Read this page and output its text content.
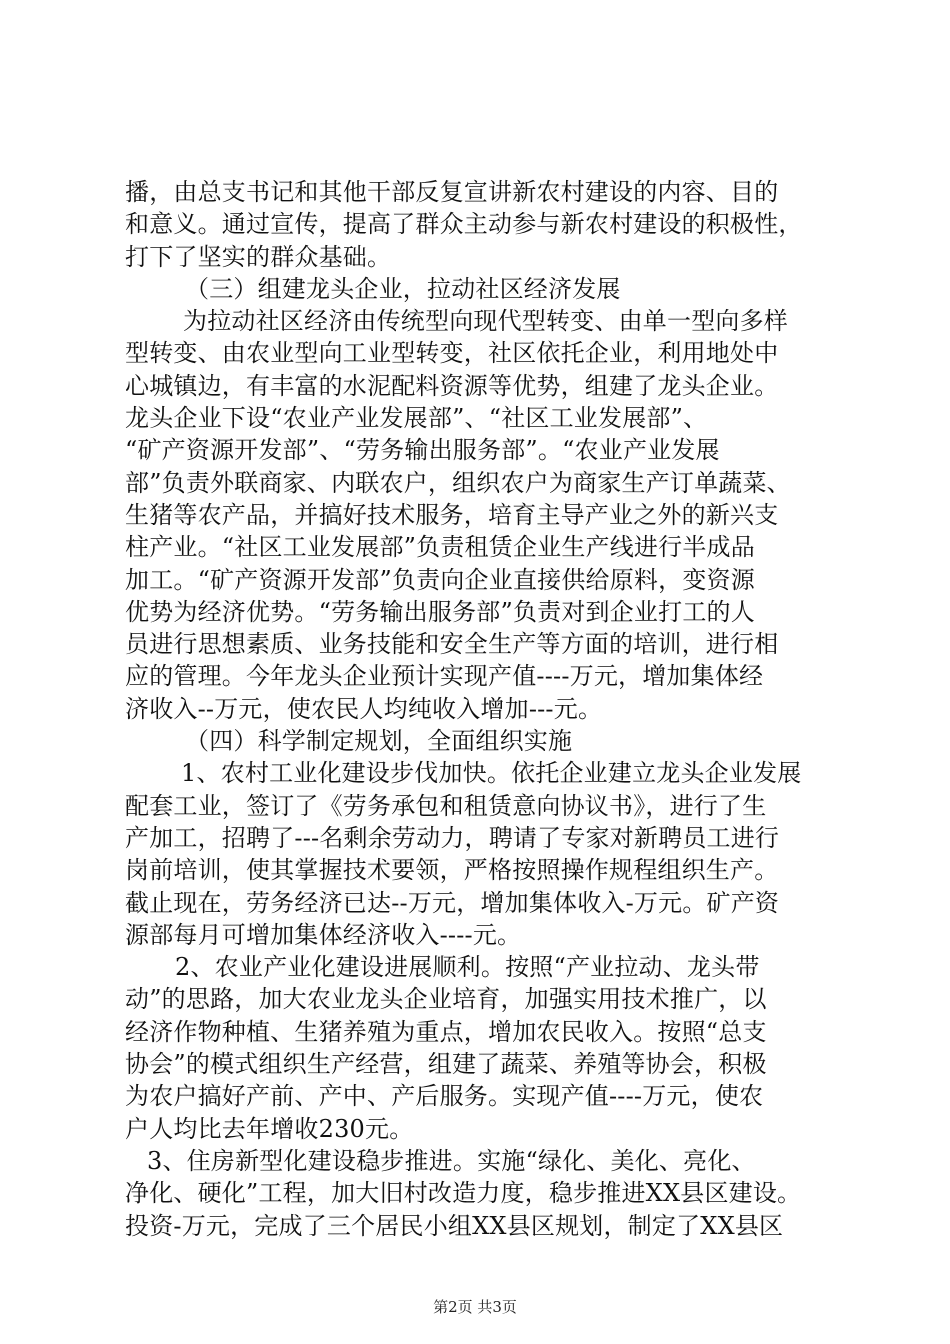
播，由总支书记和其他干部反复宣讲新农村建设的内容、目的
和意义。通过宣传，提高了群众主动参与新农村建设的积极性，
打下了坚实的群众基础。
（三）组建龙头企业，拉动社区经济发展
为拉动社区经济由传统型向现代型转变、由单一型向多样
型转变、由农业型向工业型转变，社区依托企业，利用地处中
心城镇边，有丰富的水泥配料资源等优势，组建了龙头企业。
龙头企业下设“农业产业发展部”、“社区工业发展部”、
“矿产资源开发部”、“劳务输出服务部”。“农业产业发展
部”负责外联商家、内联农户，组织农户为商家生产订单蔬菜、
生猪等农产品，并搞好技术服务，培育主导产业之外的新兴支
柱产业。“社区工业发展部”负责租赁企业生产线进行半成品
加工。“矿产资源开发部”负责向企业直接供给原料，变资源
优势为经济优势。“劳务输出服务部”负责对到企业打工的人
员进行思想素质、业务技能和安全生产等方面的培训，进行相
应的管理。今年龙头企业预计实现产值----万元，增加集体经
济收入--万元，使农民人均纯收入增加---元。
（四）科学制定规划，全面组织实施
1、农村工业化建设步伐加快。依托企业建立龙头企业发展
配套工业，签订了《劳务承包和租赁意向协议书》，进行了生
产加工，招聘了---名剩余劳动力，聘请了专家对新聘员工进行
岗前培训，使其掌握技术要领，严格按照操作规程组织生产。
截止现在，劳务经济已达--万元，增加集体收入-万元。矿产资
源部每月可增加集体经济收入----元。
2、农业产业化建设进展顺利。按照“产业拉动、龙头带
动”的思路，加大农业龙头企业培育，加强实用技术推广，以
经济作物种植、生猪养殖为重点，增加农民收入。按照“总支
协会”的模式组织生产经营，组建了蔬菜、养殖等协会，积极
为农户搞好产前、产中、产后服务。实现产值----万元，使农
户人均比去年增收230元。
3、住房新型化建设稳步推进。实施“绿化、美化、亮化、
净化、硬化”工程，加大旧村改造力度，稳步推进XX县区建设。
投资-万元，完成了三个居民小组XX县区规划，制定了XX县区
第2页 共3页
